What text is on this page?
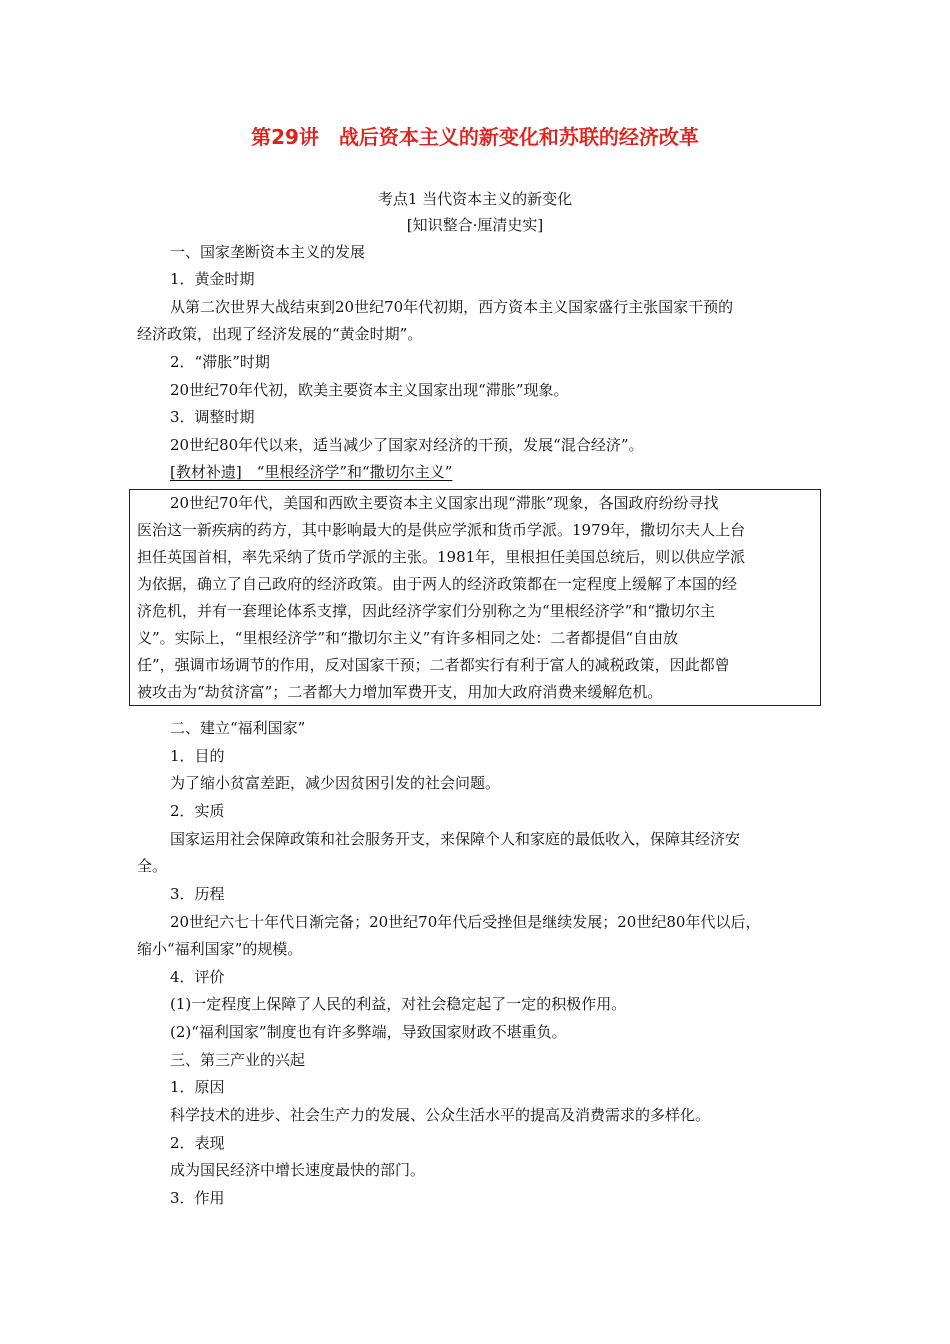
第29讲　战后资本主义的新变化和苏联的经济改革
考点1 当代资本主义的新变化
[知识整合·厘清史实]
一、国家垄断资本主义的发展
1．黄金时期
从第二次世界大战结束到20世纪70年代初期，西方资本主义国家盛行主张国家干预的
经济政策，出现了经济发展的“黄金时期”。
2．“滞胀”时期
20世纪70年代初，欧美主要资本主义国家出现“滞胀”现象。
3．调整时期
20世纪80年代以来，适当减少了国家对经济的干预，发展“混合经济”。
[教材补遗]　“里根经济学”和“撒切尔主义”
20世纪70年代，美国和西欧主要资本主义国家出现“滞胀”现象，各国政府纷纷寻找
医治这一新疾病的药方，其中影响最大的是供应学派和货币学派。1979年，撒切尔夫人上台
担任英国首相，率先采纳了货币学派的主张。1981年，里根担任美国总统后，则以供应学派
为依据，确立了自己政府的经济政策。由于两人的经济政策都在一定程度上缓解了本国的经
济危机，并有一套理论体系支撑，因此经济学家们分别称之为“里根经济学”和“撒切尔主
义”。实际上，“里根经济学”和“撒切尔主义”有许多相同之处：二者都提倡“自由放
任”，强调市场调节的作用，反对国家干预；二者都实行有利于富人的减税政策，因此都曾
被攻击为“劫贫济富”；二者都大力增加军费开支，用加大政府消费来缓解危机。
二、建立“福利国家”
1．目的
为了缩小贫富差距，减少因贫困引发的社会问题。
2．实质
国家运用社会保障政策和社会服务开支，来保障个人和家庭的最低收入，保障其经济安
全。
3．历程
20世纪六七十年代日渐完备；20世纪70年代后受挫但是继续发展；20世纪80年代以后，
缩小“福利国家”的规模。
4．评价
(1)一定程度上保障了人民的利益，对社会稳定起了一定的积极作用。
(2)“福利国家”制度也有许多弊端，导致国家财政不堪重负。
三、第三产业的兴起
1．原因
科学技术的进步、社会生产力的发展、公众生活水平的提高及消费需求的多样化。
2．表现
成为国民经济中增长速度最快的部门。
3．作用
